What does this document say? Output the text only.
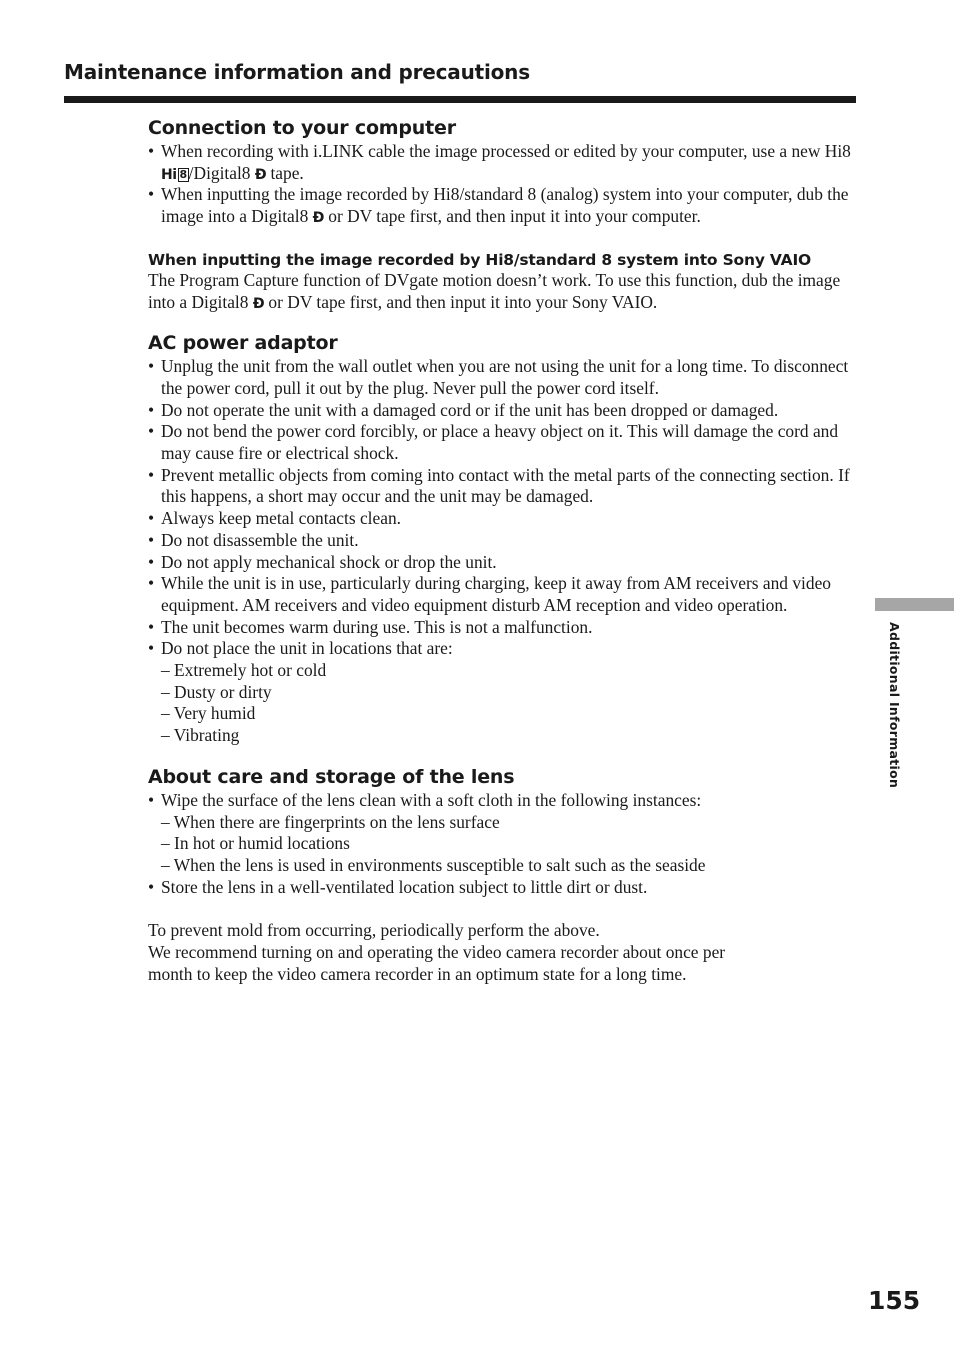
Maintenance information and precautions
Connection to your computer
• When recording with i.LINK cable the image processed or edited by your computer, use a new Hi8 Hi 8 /Digital8 Ð tape.
• When inputting the image recorded by Hi8/standard 8 (analog) system into your computer, dub the image into a Digital8 Ð or DV tape first, and then input it into your computer.
When inputting the image recorded by Hi8/standard 8 system into Sony VAIO

The Program Capture function of DVgate motion doesn’t work. To use this function, dub the image into a Digital8 Ð or DV tape first, and then input it into your Sony VAIO.

AC power adaptor
• Unplug the unit from the wall outlet when you are not using the unit for a long time. To disconnect the power cord, pull it out by the plug. Never pull the power cord itself.
• Do not operate the unit with a damaged cord or if the unit has been dropped or damaged.
• Do not bend the power cord forcibly, or place a heavy object on it. This will damage the cord and may cause fire or electrical shock.
• Prevent metallic objects from coming into contact with the metal parts of the connecting section. If this happens, a short may occur and the unit may be damaged.
• Always keep metal contacts clean.
• Do not disassemble the unit.
• Do not apply mechanical shock or drop the unit.
• While the unit is in use, particularly during charging, keep it away from AM receivers and video equipment. AM receivers and video equipment disturb AM reception and video operation.
• The unit becomes warm during use. This is not a malfunction.
• Do not place the unit in locations that are:
– Extremely hot or cold
– Dusty or dirty
– Very humid
– Vibrating
About care and storage of the lens
• Wipe the surface of the lens clean with a soft cloth in the following instances:
– When there are fingerprints on the lens surface
– In hot or humid locations
– When the lens is used in environments susceptible to salt such as the seaside
• Store the lens in a well-ventilated location subject to little dirt or dust.

To prevent mold from occurring, periodically perform the above.

We recommend turning on and operating the video camera recorder about once per month to keep the video camera recorder in an optimum state for a long time.

Additional Information
155
